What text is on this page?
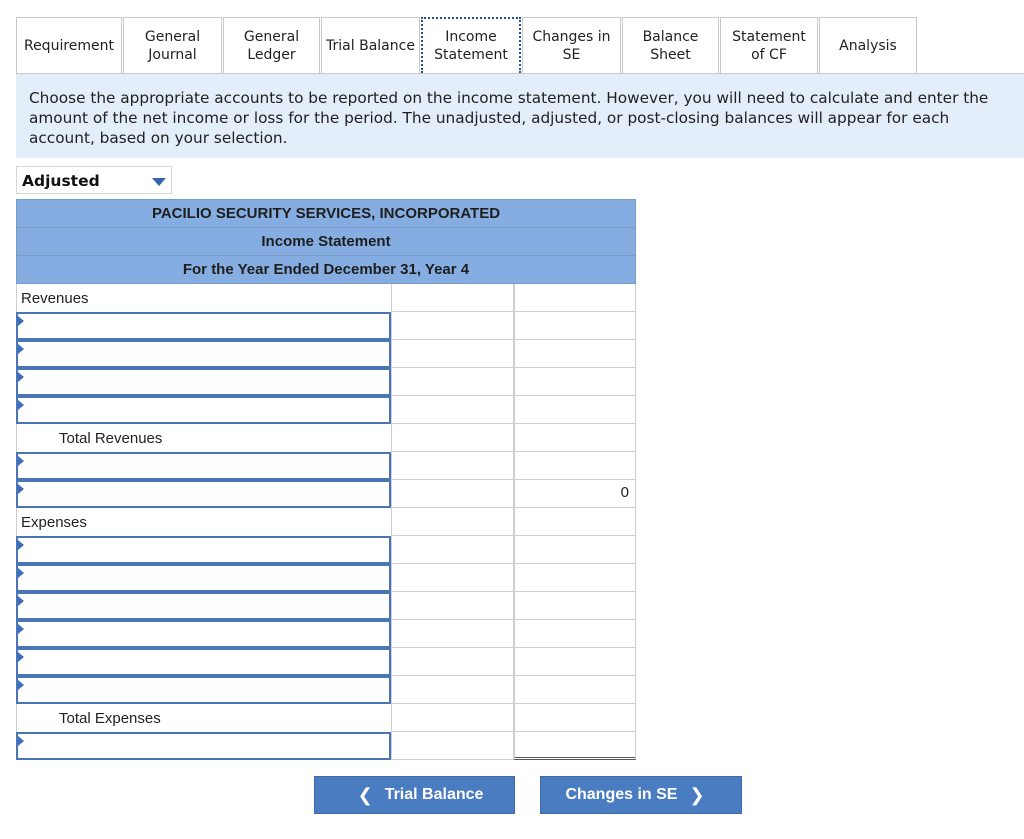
Requirement
General
Journal
General
Ledger
Trial Balance
Income
Statement
Changes in
SE
Balance
Sheet
Statement
of CF
Analysis
Choose the appropriate accounts to be reported on the income statement. However, you will need to calculate and enter the
amount of the net income or loss for the period. The unadjusted, adjusted, or post-closing balances will appear for each
account, based on your selection.
Adjusted
PACILIO SECURITY SERVICES, INCORPORATED
Income Statement
For the Year Ended December 31, Year 4
Revenues
Total Revenues
0
Expenses
Total Expenses
❮ Trial Balance	Changes in SE ❯
